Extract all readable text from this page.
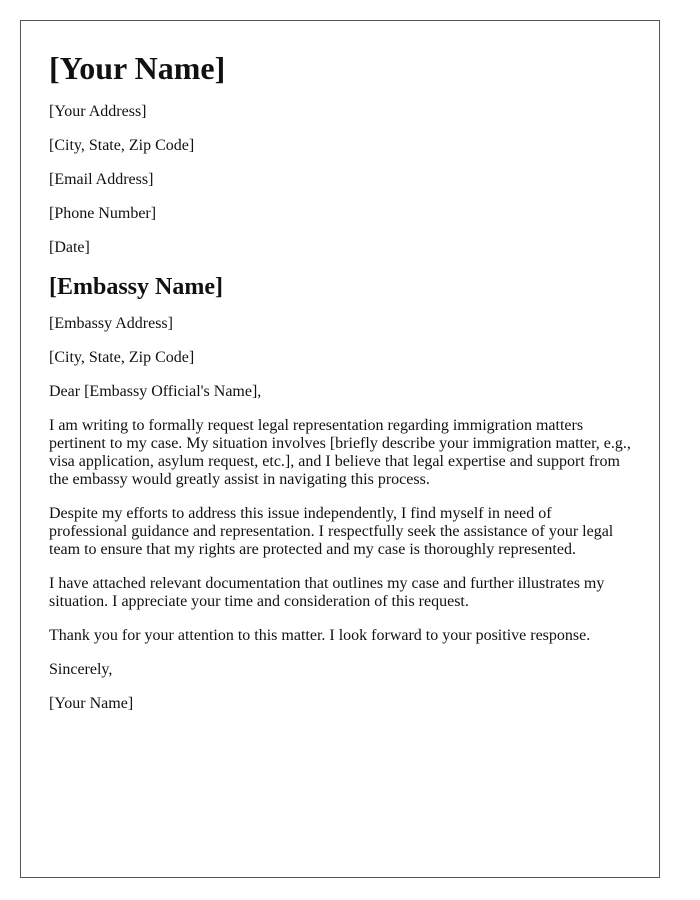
[Your Name]

[Your Address]

[City, State, Zip Code]

[Email Address]

[Phone Number]

[Date]

[Embassy Name]

[Embassy Address]

[City, State, Zip Code]

Dear [Embassy Official's Name],

I am writing to formally request legal representation regarding immigration matters pertinent to my case. My situation involves [briefly describe your immigration matter, e.g., visa application, asylum request, etc.], and I believe that legal expertise and support from the embassy would greatly assist in navigating this process.

Despite my efforts to address this issue independently, I find myself in need of professional guidance and representation. I respectfully seek the assistance of your legal team to ensure that my rights are protected and my case is thoroughly represented.

I have attached relevant documentation that outlines my case and further illustrates my situation. I appreciate your time and consideration of this request.

Thank you for your attention to this matter. I look forward to your positive response.

Sincerely,

[Your Name]
